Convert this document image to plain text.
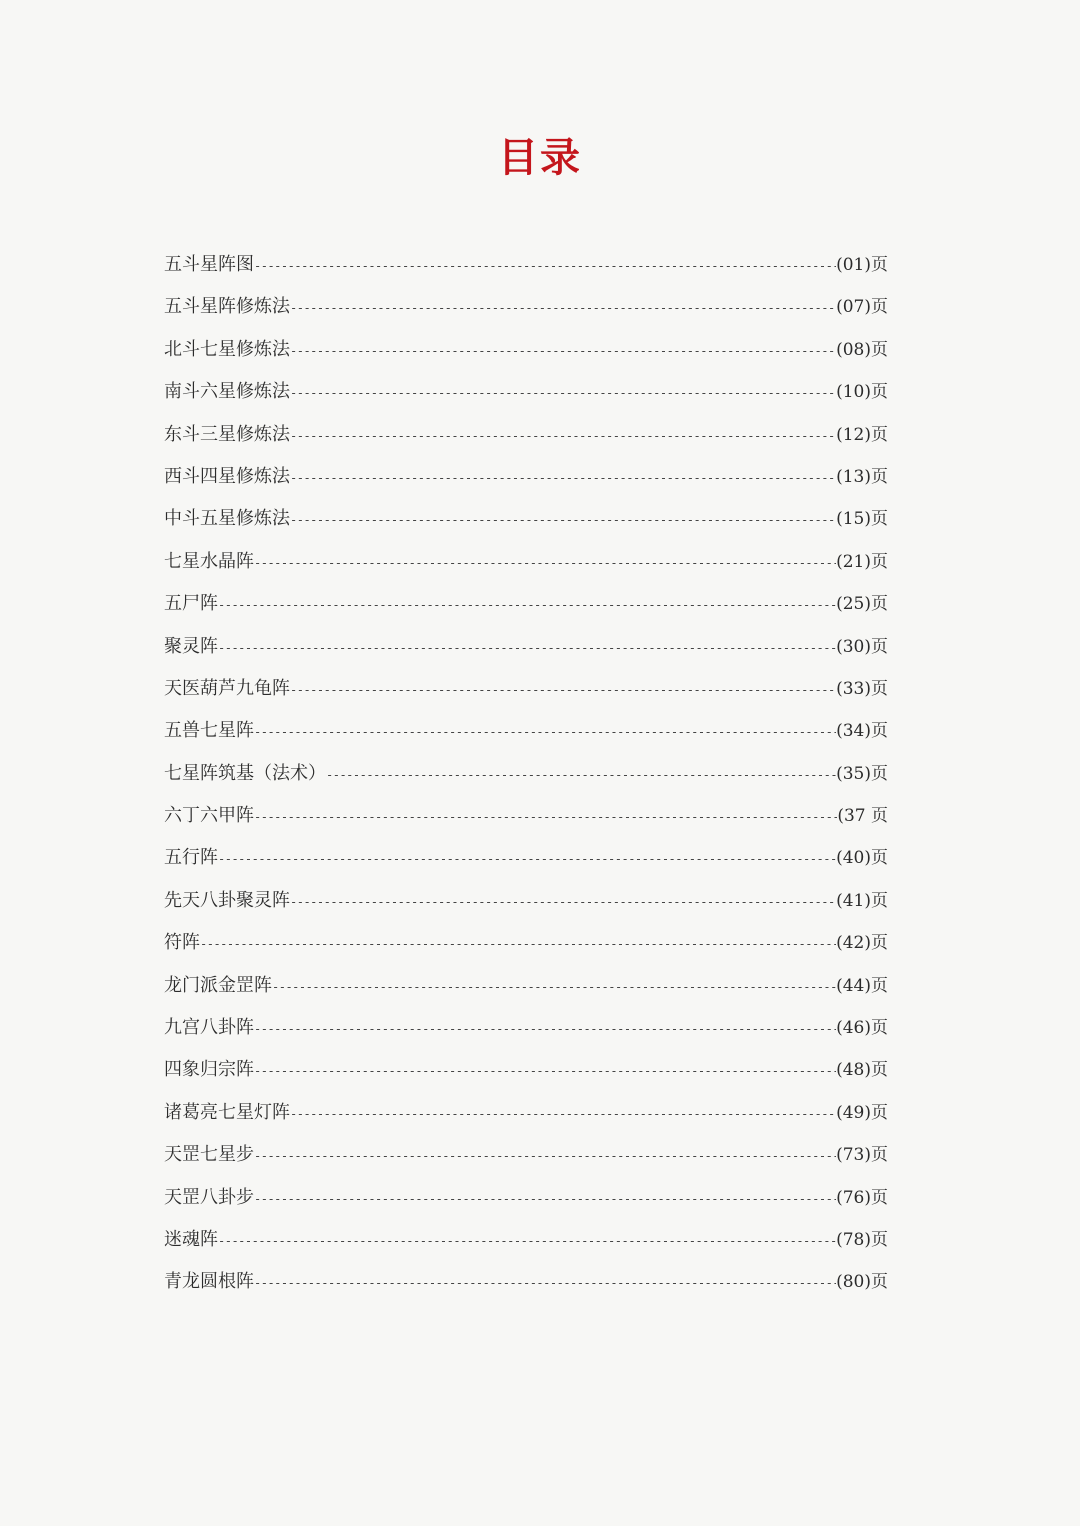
目录
五斗星阵图 -----	(01)页
五斗星阵修炼法 -----	(07)页
北斗七星修炼法 -----	(08)页
南斗六星修炼法 -----	(10)页
东斗三星修炼法 -----	(12)页
西斗四星修炼法 -----	(13)页
中斗五星修炼法 -----	(15)页
七星水晶阵 -----	(21)页
五尸阵 -----	(25)页
聚灵阵 -----	(30)页
天医葫芦九龟阵 -----	(33)页
五兽七星阵 -----	(34)页
七星阵筑基（法术） -----	(35)页
六丁六甲阵 -----	(37 页
五行阵 -----	(40)页
先天八卦聚灵阵 -----	(41)页
符阵 -----	(42)页
龙门派金罡阵 -----	(44)页
九宫八卦阵 -----	(46)页
四象归宗阵 -----	(48)页
诸葛亮七星灯阵 -----	(49)页
天罡七星步 -----	(73)页
天罡八卦步 -----	(76)页
迷魂阵 -----	(78)页
青龙圆根阵 -----	(80)页
